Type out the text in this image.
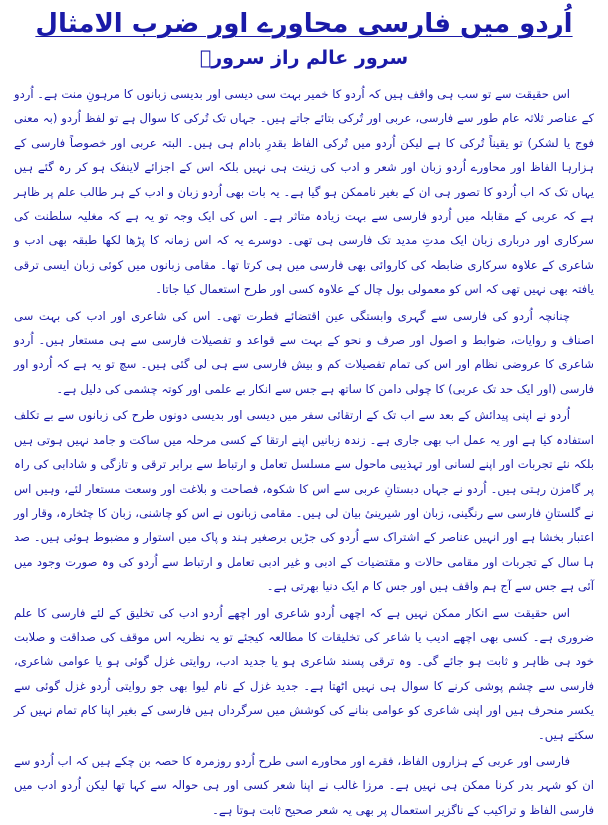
اُردو میں فارسی محاورے اور ضرب الامثال
سرور عالم راز سرورؔ

اس حقیقت سے تو سب ہی واقف ہیں کہ اُردو کا خمیر بہت سی دیسی اور بدیسی زبانوں کا مرہونِ منت ہے۔ اُردو کے عناصر ثلاثہ عام طور سے فارسی، عربی اور تُرکی بتائے جاتے ہیں۔ جہاں تک تُرکی کا سوال ہے تو لفظ اُردو (بہ معنی فوج یا لشکر) تو یقیناً تُرکی کا ہے لیکن اُردو میں تُرکی الفاظ بقدرِ بادام ہی ہیں۔ البتہ عربی اور خصوصاً فارسی کے ہزارہا الفاظ اور محاورے اُردو زبان اور شعر و ادب کی زینت ہی نہیں بلکہ اس کے اجزائے لاینفک ہو کر رہ گئے ہیں یہاں تک کہ اب اُردو کا تصور ہی ان کے بغیر ناممکن ہو گیا ہے۔ یہ بات بھی اُردو زبان و ادب کے ہر طالب علم پر ظاہر ہے کہ عربی کے مقابلہ میں اُردو فارسی سے بہت زیادہ متاثر ہے۔ اس کی ایک وجہ تو یہ ہے کہ مغلیہ سلطنت کی سرکاری اور درباری زبان ایک مدتِ مدید تک فارسی ہی تھی۔ دوسرے یہ کہ اس زمانہ کا پڑھا لکھا طبقہ بھی ادب و شاعری کے علاوہ سرکاری ضابطہ کی کاروائی بھی فارسی میں ہی کرتا تھا۔ مقامی زبانوں میں کوئی زبان ایسی ترقی یافتہ بھی نہیں تھی کہ اس کو معمولی بول چال کے علاوہ کسی اور طرح استعمال کیا جاتا۔

چنانچہ اُردو کی فارسی سے گہری وابستگی عین اقتضائے فطرت تھی۔ اس کی شاعری اور ادب کی بہت سی اصناف و روایات، ضوابط و اصول اور صرف و نحو کے بہت سے قواعد و تفصیلات فارسی سے ہی مستعار ہیں۔ اُردو شاعری کا عروضی نظام اور اس کی تمام تفصیلات کم و بیش فارسی سے ہی لی گئی ہیں۔ سچ تو یہ ہے کہ اُردو اور فارسی (اور ایک حد تک عربی) کا چولی دامن کا ساتھ ہے جس سے انکار بے علمی اور کوتہ چشمی کی دلیل ہے۔

اُردو نے اپنی پیدائش کے بعد سے اب تک کے ارتقائی سفر میں دیسی اور بدیسی دونوں طرح کی زبانوں سے بے تکلف استفادہ کیا ہے اور یہ عمل اب بھی جاری ہے۔ زندہ زبانیں اپنے ارتقا کے کسی مرحلہ میں ساکت و جامد نہیں ہوتی ہیں بلکہ نئے تجربات اور اپنے لسانی اور تہذیبی ماحول سے مسلسل تعامل و ارتباط سے برابر ترقی و تازگی و شادابی کی راہ پر گامزن رہتی ہیں۔ اُردو نے جہاں دبستانِ عربی سے اس کا شکوہ، فصاحت و بلاغت اور وسعت مستعار لئے، وہیں اس نے گلستانِ فارسی سے رنگینی، زبان اور شیرینیٔ بیان لی ہیں۔ مقامی زبانوں نے اس کو چاشنی، زبان کا چٹخارہ، وقار اور اعتبار بخشا ہے اور انہیں عناصر کے اشتراک سے اُردو کی جڑیں برصغیر ہند و پاک میں استوار و مضبوط ہوئی ہیں۔ صد ہا سال کے تجربات اور مقامی حالات و مقتضیات کے ادبی و غیر ادبی تعامل و ارتباط سے اُردو کی وہ صورت وجود میں آئی ہے جس سے آج ہم واقف ہیں اور جس کا م ایک دنیا بھرتی ہے۔

اس حقیقت سے انکار ممکن نہیں ہے کہ اچھی اُردو شاعری اور اچھے اُردو ادب کی تخلیق کے لئے فارسی کا علم ضروری ہے۔ کسی بھی اچھے ادیب یا شاعر کی تخلیقات کا مطالعہ کیجئے تو یہ نظریہ اس موقف کی صداقت و صلابت خود ہی ظاہر و ثابت ہو جائے گی۔ وہ ترقی پسند شاعری ہو یا جدید ادب، روایتی غزل گوئی ہو یا عوامی شاعری، فارسی سے چشم پوشی کرنے کا سوال ہی نہیں اٹھتا ہے۔ جدید غزل کے نام لیوا بھی جو روایتی اُردو غزل گوئی سے یکسر منحرف ہیں اور اپنی شاعری کو عوامی بنانے کی کوشش میں سرگرداں ہیں فارسی کے بغیر اپنا کام تمام نہیں کر سکتے ہیں۔

فارسی اور عربی کے ہزاروں الفاظ، فقرے اور محاورے اسی طرح اُردو روزمرہ کا حصہ بن چکے ہیں کہ اب اُردو سے ان کو شہر بدر کرنا ممکن ہی نہیں ہے۔ مرزا غالب نے اپنا شعر کسی اور ہی حوالہ سے کہا تھا لیکن اُردو ادب میں فارسی الفاظ و تراکیب کے ناگزیر استعمال پر بھی یہ شعر صحیح ثابت ہوتا ہے۔
